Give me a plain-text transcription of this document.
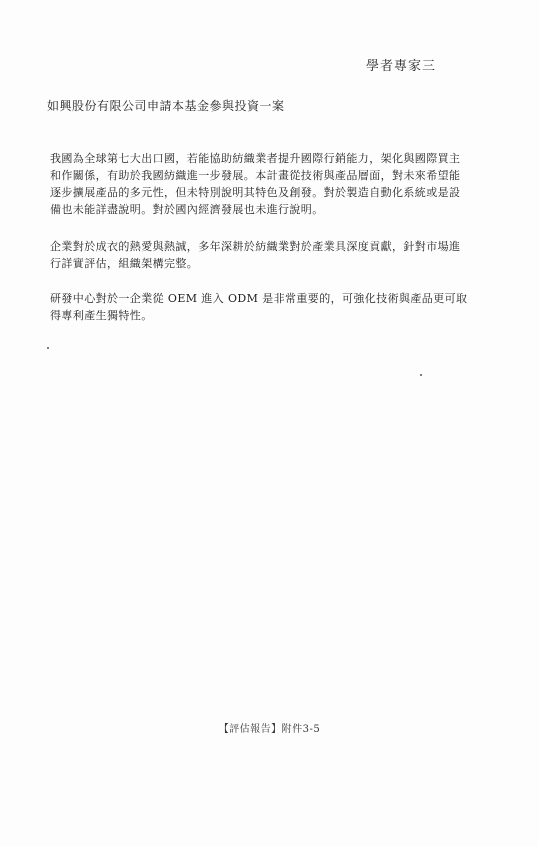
學者專家三
如興股份有限公司申請本基金參與投資一案

我國為全球第七大出口國，若能協助紡織業者提升國際行銷能力，架化與國際買主和作關係，有助於我國紡織進一步發展。本計畫從技術與產品層面，對未來希望能逐步擴展產品的多元性，但未特別說明其特色及創發。對於製造自動化系統或是設備也未能詳盡說明。對於國內經濟發展也未進行說明。

企業對於成衣的熱愛與熱誠，多年深耕於紡織業對於產業具深度貢獻，針對市場進行詳實評估，組織架構完整。

研發中心對於一企業從 OEM 進入 ODM 是非常重要的，可強化技術與產品更可取得專利產生獨特性。

【評估報告】附件3-5
